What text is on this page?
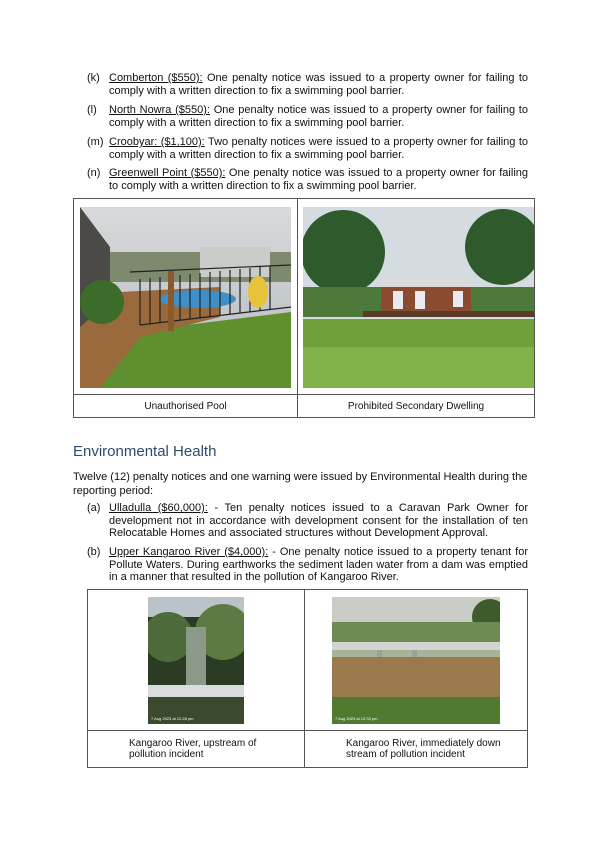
(k) Comberton ($550): One penalty notice was issued to a property owner for failing to comply with a written direction to fix a swimming pool barrier.
(l) North Nowra ($550): One penalty notice was issued to a property owner for failing to comply with a written direction to fix a swimming pool barrier.
(m) Croobyar: ($1,100): Two penalty notices were issued to a property owner for failing to comply with a written direction to fix a swimming pool barrier.
(n) Greenwell Point ($550): One penalty notice was issued to a property owner for failing to comply with a written direction to fix a swimming pool barrier.

Unauthorised Pool	Prohibited Secondary Dwelling
Environmental Health
Twelve (12) penalty notices and one warning were issued by Environmental Health during the reporting period:
(a) Ulladulla ($60,000): - Ten penalty notices issued to a Caravan Park Owner for development not in accordance with development consent for the installation of ten Relocatable Homes and associated structures without Development Approval.
(b) Upper Kangaroo River ($4,000): - One penalty notice issued to a property tenant for Pollute Waters. During earthworks the sediment laden water from a dam was emptied in a manner that resulted in the pollution of Kangaroo River.
7 Aug 2023 at 12:28 pm	7 Aug 2023 at 12:33 pm

Kangaroo River, upstream of pollution incident	Kangaroo River, immediately down stream of pollution incident
